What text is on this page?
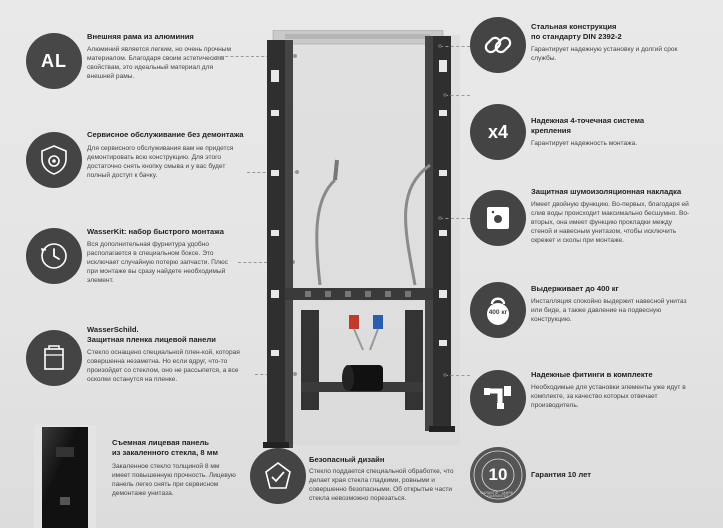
AL
Внешняя рама из алюминия
Алюминий является легким, но очень прочным материалом. Благодаря своим эстетическим свойствам, это идеальный материал для внешней рамы.
Сервисное обслуживание без демонтажа
Для сервисного обслуживания вам не придется демонтировать всю конструкцию. Для этого достаточно снять кнопку смыва и у вас будет полный доступ к бачку.
WasserKit: набор быстрого монтажа
Вся дополнительная фурнитура удобно располагается в специальном боксе. Это исключает случайную потерю запчасти. Плюс при монтаже вы сразу найдете необходимый элемент.
WasserSchild.
Защитная пленка лицевой панели
Стекло оснащено специальной плен-кой, которая совершенна незаметна. Но если вдруг, что-то произойдет со стеклом, оно не рассыпется, а все осколки останутся на пленке.
Съемная лицевая панель
из закаленного стекла, 8 мм
Закаленное стекло толщиной 8 мм имеет повышенную прочность. Лицевую панель легко снять при сервисном демонтаже унитаза.
Безопасный дизайн
Стекло поддается специальной обработке, что делает края стекла гладкими, ровными и совершенно безопасными. Об открытые части стекла невозможно порезаться.
Стальная конструкция
по стандарту DIN 2392-2
Гарантирует надежную установку и долгий срок службы.
x4
Надежная 4-точечная система
крепления
Гарантирует надежность монтажа.
Защитная шумоизоляционная накладка
Имеет двойную функцию. Во-первых, благодаря ей слив воды происходит максимально бесшумно. Во-вторых, она имеет функцию прокладки между стеной и навесным унитазом, чтобы исключить скрежет и сколы при монтаже.
400 кг
Выдерживает до 400 кг
Инсталляция спокойно выдержит навесной унитаз или биде, а также давление на подвесную конструкцию.
Надежные фитинги в комплекте
Необходимые для установки элементы уже идут в комплекте, за качество которых отвечает производитель.
10
GARANTIE · JAHRE · GUARANTEE
Гарантия 10 лет
